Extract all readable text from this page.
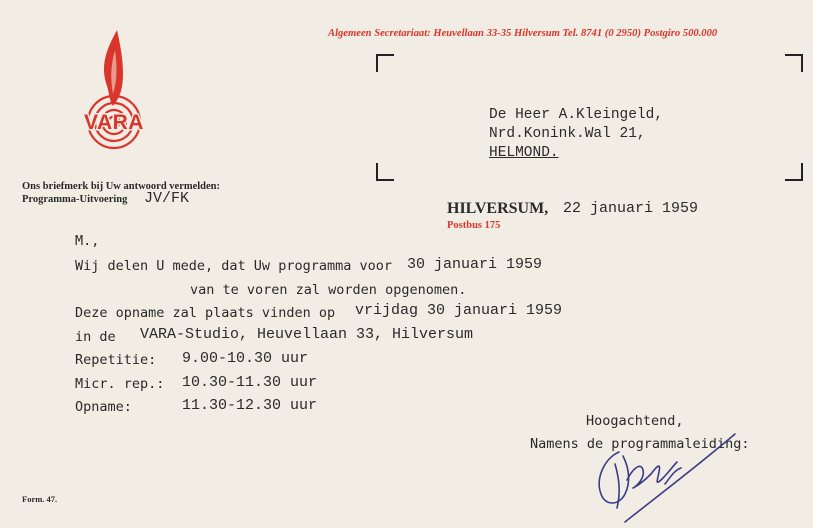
Algemeen Secretariaat: Heuvellaan 33-35 Hilversum Tel. 8741 (0 2950) Postgiro 500.000
VARA	De Heer A.Kleingeld,
Nrd.Konink.Wal 21,
HELMOND.
Ons briefmerk bij Uw antwoord vermelden:
Programma-Uitvoering JV/FK
HILVERSUM, 22 januari 1959
Postbus 175
M.,
Wij delen U mede, dat Uw programma voor 30 januari 1959
van te voren zal worden opgenomen.
Deze opname zal plaats vinden op vrijdag 30 januari 1959
in de VARA-Studio, Heuvellaan 33, Hilversum
Repetitie: 9.00-10.30 uur
Micr. rep.: 10.30-11.30 uur
Opname:	11.30-12.30 uur
Hoogachtend,
Namens de programmaleiding:
Form. 47.
